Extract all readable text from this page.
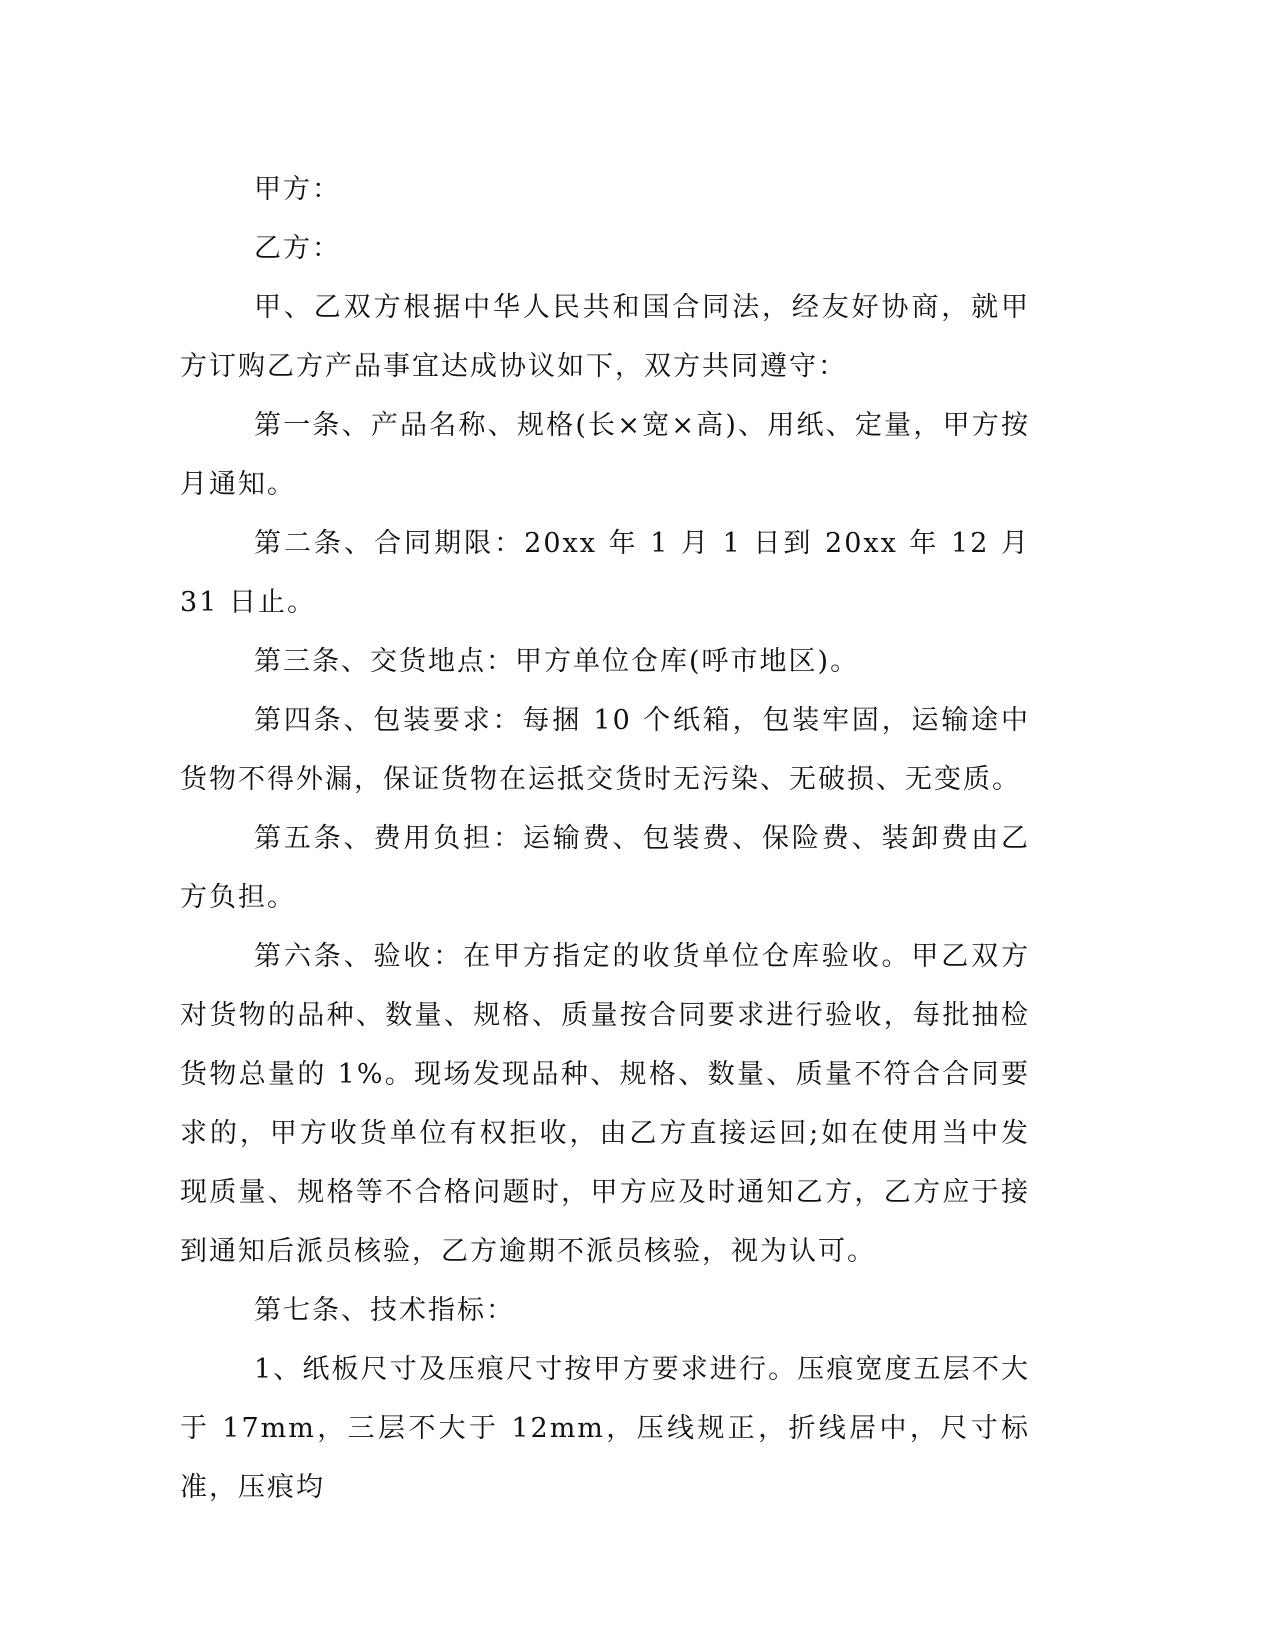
甲方：

乙方：

甲、乙双方根据中华人民共和国合同法，经友好协商，就甲方订购乙方产品事宜达成协议如下，双方共同遵守：

第一条、产品名称、规格(长×宽×高)、用纸、定量，甲方按月通知。

第二条、合同期限：20xx 年 1 月 1 日到 20xx 年 12 月 31 日止。

第三条、交货地点：甲方单位仓库(呼市地区)。

第四条、包装要求：每捆 10 个纸箱，包装牢固，运输途中货物不得外漏，保证货物在运抵交货时无污染、无破损、无变质。

第五条、费用负担：运输费、包装费、保险费、装卸费由乙方负担。

第六条、验收：在甲方指定的收货单位仓库验收。甲乙双方对货物的品种、数量、规格、质量按合同要求进行验收，每批抽检货物总量的 1%。现场发现品种、规格、数量、质量不符合合同要求的，甲方收货单位有权拒收，由乙方直接运回;如在使用当中发现质量、规格等不合格问题时，甲方应及时通知乙方，乙方应于接到通知后派员核验，乙方逾期不派员核验，视为认可。

第七条、技术指标：

1、纸板尺寸及压痕尺寸按甲方要求进行。压痕宽度五层不大于 17mm，三层不大于 12mm，压线规正，折线居中，尺寸标准，压痕均
